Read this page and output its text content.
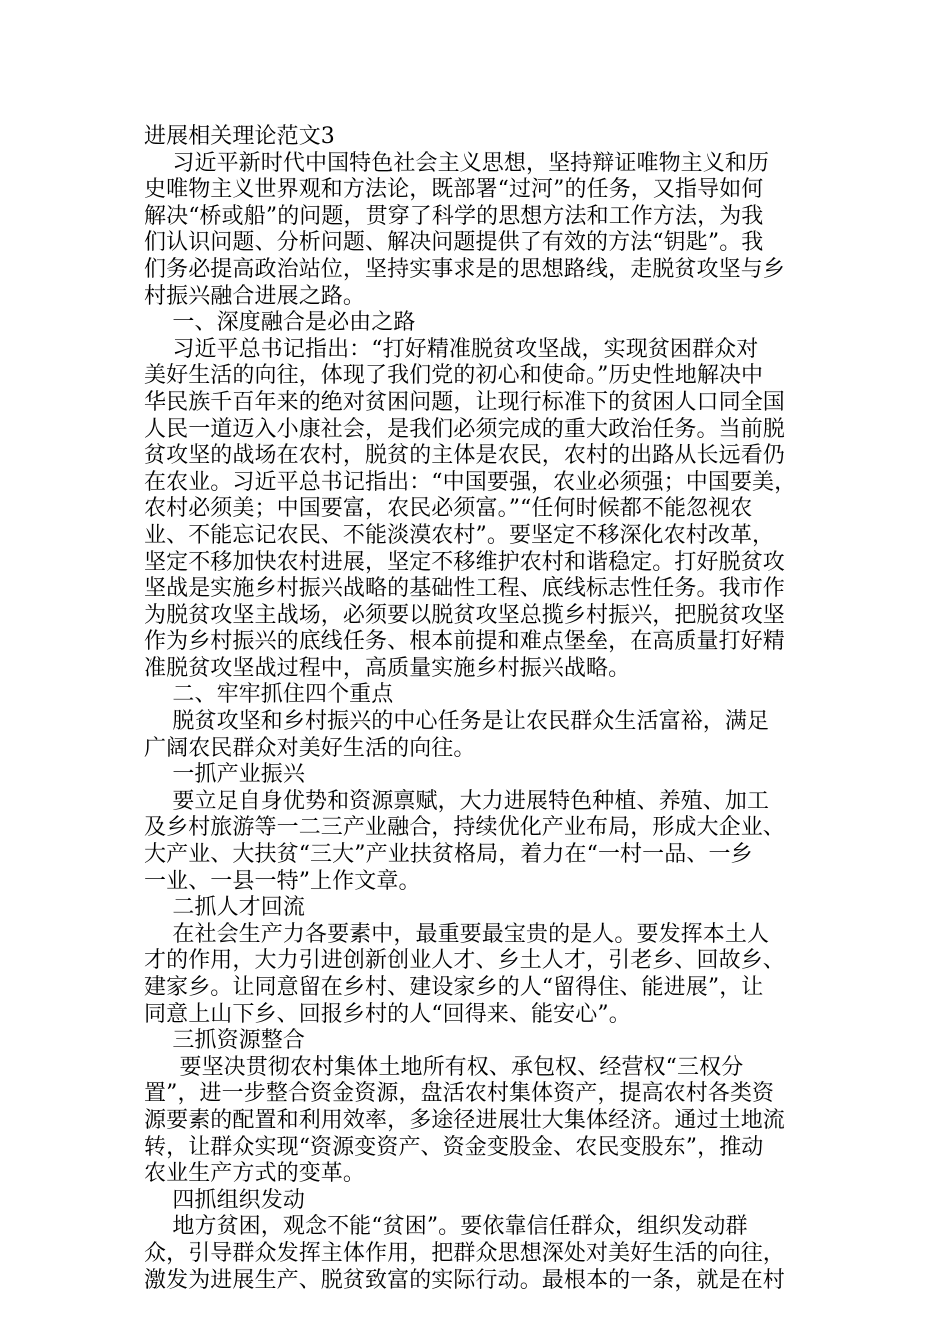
进展相关理论范文3
习近平新时代中国特色社会主义思想，坚持辩证唯物主义和历
史唯物主义世界观和方法论，既部署“过河”的任务，又指导如何
解决“桥或船”的问题，贯穿了科学的思想方法和工作方法，为我
们认识问题、分析问题、解决问题提供了有效的方法“钥匙”。我
们务必提高政治站位，坚持实事求是的思想路线，走脱贫攻坚与乡
村振兴融合进展之路。
一、深度融合是必由之路
习近平总书记指出：“打好精准脱贫攻坚战，实现贫困群众对
美好生活的向往，体现了我们党的初心和使命。”历史性地解决中
华民族千百年来的绝对贫困问题，让现行标准下的贫困人口同全国
人民一道迈入小康社会，是我们必须完成的重大政治任务。当前脱
贫攻坚的战场在农村，脱贫的主体是农民，农村的出路从长远看仍
在农业。习近平总书记指出：“中国要强，农业必须强；中国要美，
农村必须美；中国要富，农民必须富。”“任何时候都不能忽视农
业、不能忘记农民、不能淡漠农村”。要坚定不移深化农村改革，
坚定不移加快农村进展，坚定不移维护农村和谐稳定。打好脱贫攻
坚战是实施乡村振兴战略的基础性工程、底线标志性任务。我市作
为脱贫攻坚主战场，必须要以脱贫攻坚总揽乡村振兴，把脱贫攻坚
作为乡村振兴的底线任务、根本前提和难点堡垒，在高质量打好精
准脱贫攻坚战过程中，高质量实施乡村振兴战略。
二、牢牢抓住四个重点
脱贫攻坚和乡村振兴的中心任务是让农民群众生活富裕，满足
广阔农民群众对美好生活的向往。
一抓产业振兴
要立足自身优势和资源禀赋，大力进展特色种植、养殖、加工
及乡村旅游等一二三产业融合，持续优化产业布局，形成大企业、
大产业、大扶贫“三大”产业扶贫格局，着力在“一村一品、一乡
一业、一县一特”上作文章。
二抓人才回流
在社会生产力各要素中，最重要最宝贵的是人。要发挥本土人
才的作用，大力引进创新创业人才、乡土人才，引老乡、回故乡、
建家乡。让同意留在乡村、建设家乡的人“留得住、能进展”，让
同意上山下乡、回报乡村的人“回得来、能安心”。
三抓资源整合
要坚决贯彻农村集体土地所有权、承包权、经营权“三权分
置”，进一步整合资金资源，盘活农村集体资产，提高农村各类资
源要素的配置和利用效率，多途径进展壮大集体经济。通过土地流
转，让群众实现“资源变资产、资金变股金、农民变股东”，推动
农业生产方式的变革。
四抓组织发动
地方贫困，观念不能“贫困”。要依靠信任群众，组织发动群
众，引导群众发挥主体作用，把群众思想深处对美好生活的向往，
激发为进展生产、脱贫致富的实际行动。最根本的一条，就是在村
